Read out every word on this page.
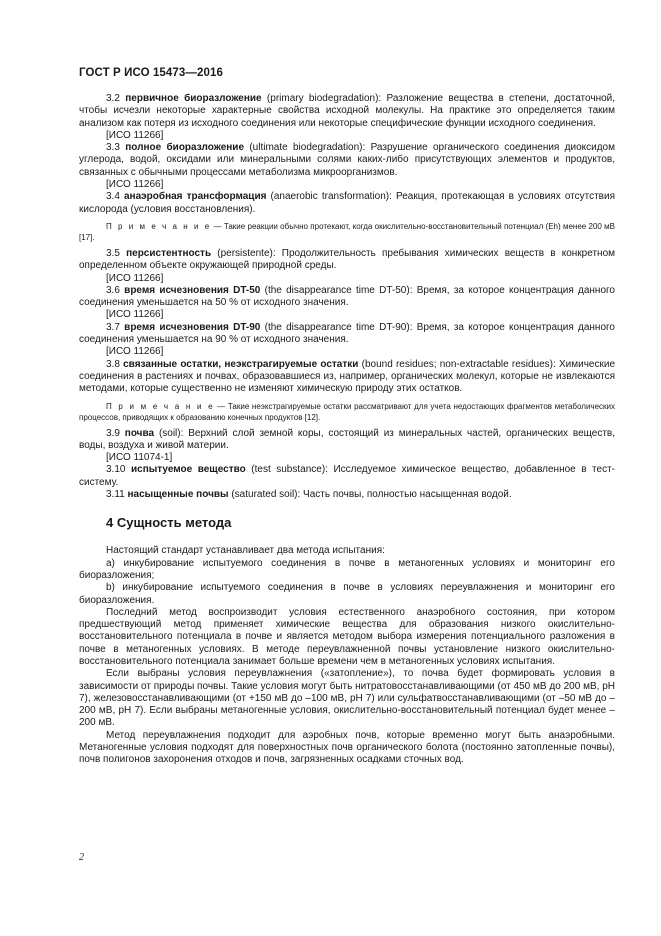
ГОСТ Р ИСО 15473—2016

3.2 первичное биоразложение (primary biodegradation): Разложение вещества в степени, достаточной, чтобы исчезли некоторые характерные свойства исходной молекулы. На практике это определяется таким анализом как потеря из исходного соединения или некоторые специфические функции исходного соединения.

[ИСО 11266]

3.3 полное биоразложение (ultimate biodegradation): Разрушение органического соединения диоксидом углерода, водой, оксидами или минеральными солями каких-либо присутствующих элементов и продуктов, связанных с обычными процессами метаболизма микроорганизмов.

[ИСО 11266]

3.4 анаэробная трансформация (anaerobic transformation): Реакция, протекающая в условиях отсутствия кислорода (условия восстановления).

П р и м е ч а н и е — Такие реакции обычно протекают, когда окислительно-восстановительный потенциал (Eh) менее 200 мВ [17].

3.5 персистентность (persistente): Продолжительность пребывания химических веществ в конкретном определенном объекте окружающей природной среды.

[ИСО 11266]

3.6 время исчезновения DT-50 (the disappearance time DT-50): Время, за которое концентрация данного соединения уменьшается на 50 % от исходного значения.

[ИСО 11266]

3.7 время исчезновения DT-90 (the disappearance time DT-90): Время, за которое концентрация данного соединения уменьшается на 90 % от исходного значения.

[ИСО 11266]

3.8 связанные остатки, неэкстрагируемые остатки (bound residues; non-extractable residues): Химические соединения в растениях и почвах, образовавшиеся из, например, органических молекул, которые не извлекаются методами, которые существенно не изменяют химическую природу этих остатков.

П р и м е ч а н и е — Такие неэкстрагируемые остатки рассматривают для учета недостающих фрагментов метаболических процессов, приводящих к образованию конечных продуктов [12].

3.9 почва (soil): Верхний слой земной коры, состоящий из минеральных частей, органических веществ, воды, воздуха и живой материи.

[ИСО 11074-1]

3.10 испытуемое вещество (test substance): Исследуемое химическое вещество, добавленное в тест-систему.

3.11 насыщенные почвы (saturated soil): Часть почвы, полностью насыщенная водой.

4 Сущность метода

Настоящий стандарт устанавливает два метода испытания:

a) инкубирование испытуемого соединения в почве в метаногенных условиях и мониторинг его биоразложения;

b) инкубирование испытуемого соединения в почве в условиях переувлажнения и мониторинг его биоразложения.

Последний метод воспроизводит условия естественного анаэробного состояния, при котором предшествующий метод применяет химические вещества для образования низкого окислительно-восстановительного потенциала в почве и является методом выбора измерения потенциального разложения в почве в метаногенных условиях. В методе переувлажненной почвы установление низкого окислительно-восстановительного потенциала занимает больше времени чем в метаногенных условиях испытания.

Если выбраны условия переувлажнения («затопление»), то почва будет формировать условия в зависимости от природы почвы. Такие условия могут быть нитратовосстанавливающими (от 450 мВ до 200 мВ, pH 7), железовосстанавливающими (от +150 мВ до –100 мВ, pH 7) или сульфатвосстанавливающими (от –50 мВ до –200 мВ, pH 7). Если выбраны метаногенные условия, окислительно-восстановительный потенциал будет менее –200 мВ.

Метод переувлажнения подходит для аэробных почв, которые временно могут быть анаэробными. Метаногенные условия подходят для поверхностных почв органического болота (постоянно затопленные почвы), почв полигонов захоронения отходов и почв, загрязненных осадками сточных вод.

2
